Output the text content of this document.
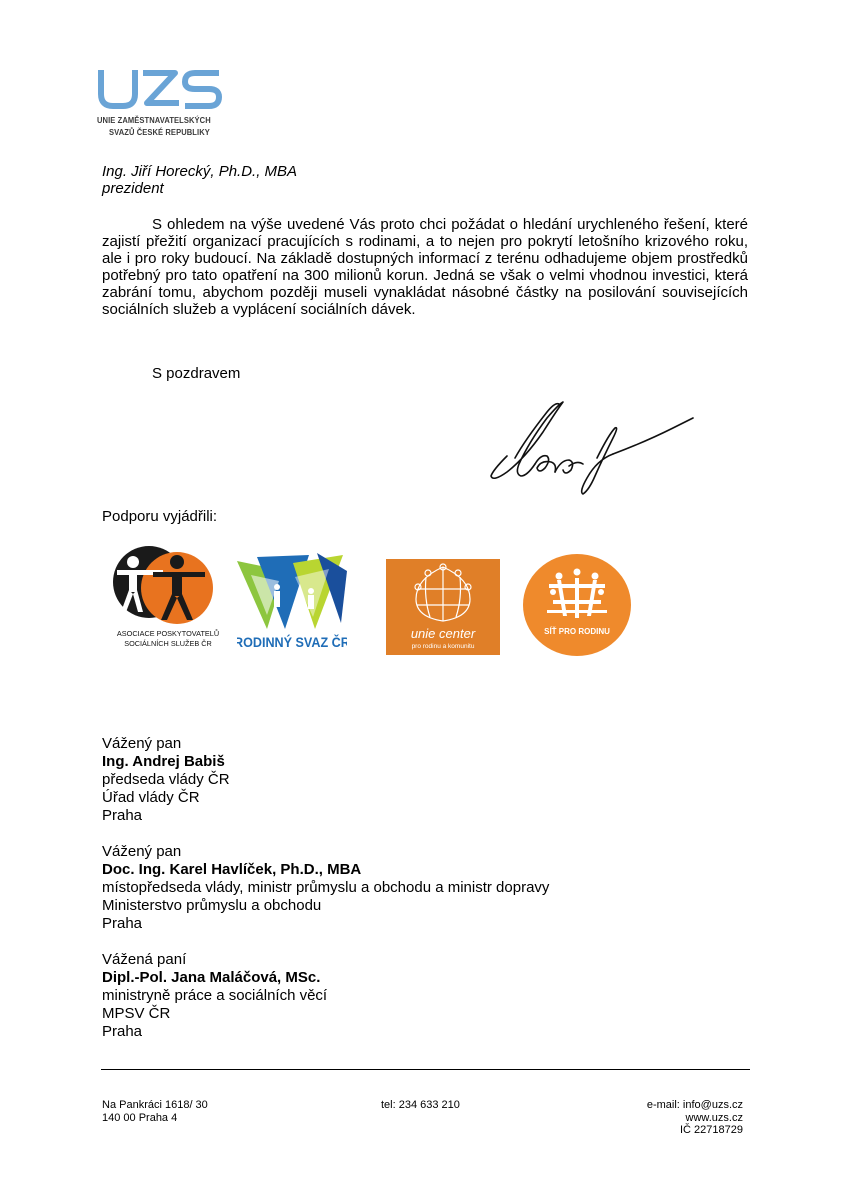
UNIE ZAMĚSTNAVATELSKÝCH
SVAZŮ ČESKÉ REPUBLIKY
Ing. Jiří Horecký, Ph.D., MBA
prezident

S ohledem na výše uvedené Vás proto chci požádat o hledání urychleného řešení, které zajistí přežití organizací pracujících s rodinami, a to nejen pro pokrytí letošního krizového roku, ale i pro roky budoucí. Na základě dostupných informací z terénu odhadujeme objem prostředků potřebný pro tato opatření na 300 milionů korun. Jedná se však o velmi vhodnou investici, která zabrání tomu, abychom později museli vynakládat násobné částky na posilování souvisejících sociálních služeb a vyplácení sociálních dávek.

S pozdravem
Podporu vyjádřili:
ASOCIACE POSKYTOVATELŮ
SOCIÁLNÍCH SLUŽEB ČR RODINNÝ SVAZ ČR
unie center
pro rodinu a komunitu
SÍŤ PRO RODINU
Vážený pan
Ing. Andrej Babiš
předseda vlády ČR
Úřad vlády ČR
Praha
Vážený pan
Doc. Ing. Karel Havlíček, Ph.D., MBA
místopředseda vlády, ministr průmyslu a obchodu a ministr dopravy
Ministerstvo průmyslu a obchodu
Praha
Vážená paní
Dipl.-Pol. Jana Maláčová, MSc.
ministryně práce a sociálních věcí
MPSV ČR
Praha
Na Pankráci 1618/ 30
140 00 Praha 4
tel: 234 633 210	e-mail: info@uzs.cz
www.uzs.cz
IČ 22718729
